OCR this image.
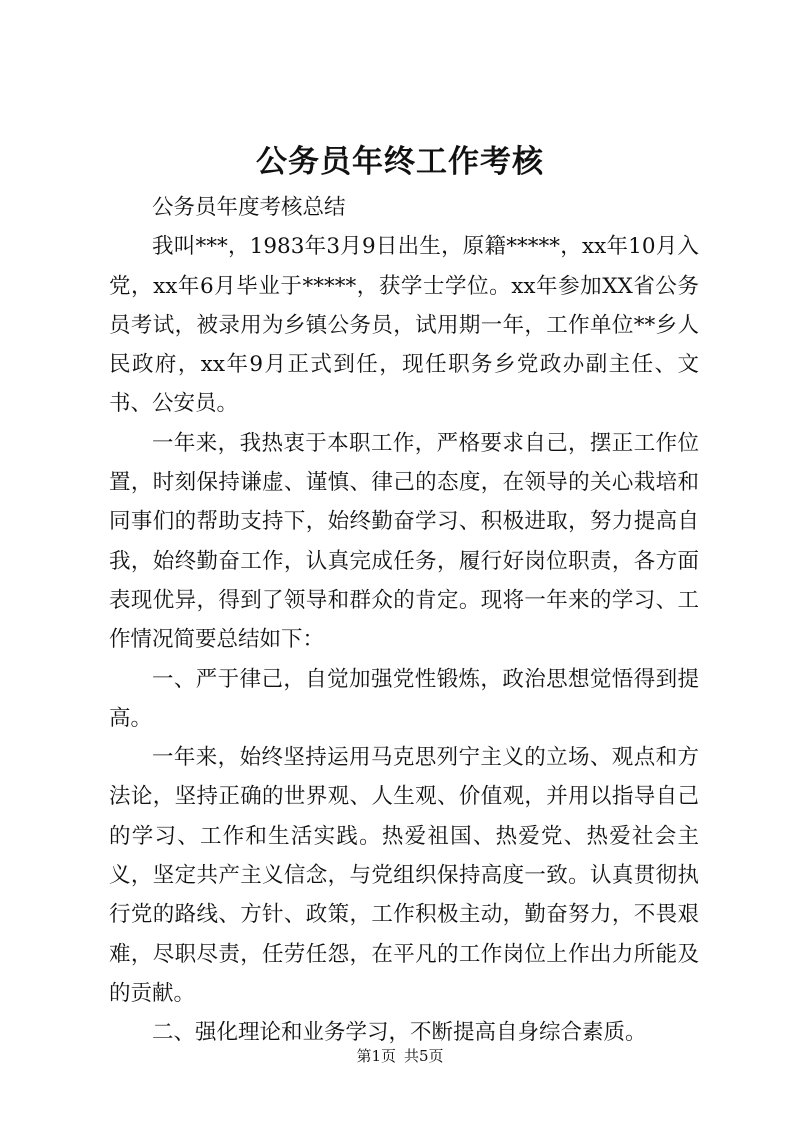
公务员年终工作考核

公务员年度考核总结

我叫***，1983年3月9日出生，原籍*****，xx年10月入党，xx年6月毕业于*****，获学士学位。xx年参加XX省公务员考试，被录用为乡镇公务员，试用期一年，工作单位**乡人民政府，xx年9月正式到任，现任职务乡党政办副主任、文书、公安员。

一年来，我热衷于本职工作，严格要求自己，摆正工作位置，时刻保持谦虚、谨慎、律己的态度，在领导的关心栽培和同事们的帮助支持下，始终勤奋学习、积极进取，努力提高自我，始终勤奋工作，认真完成任务，履行好岗位职责，各方面表现优异，得到了领导和群众的肯定。现将一年来的学习、工作情况简要总结如下：

一、严于律己，自觉加强党性锻炼，政治思想觉悟得到提高。

一年来，始终坚持运用马克思列宁主义的立场、观点和方法论，坚持正确的世界观、人生观、价值观，并用以指导自己的学习、工作和生活实践。热爱祖国、热爱党、热爱社会主义，坚定共产主义信念，与党组织保持高度一致。认真贯彻执行党的路线、方针、政策，工作积极主动，勤奋努力，不畏艰难，尽职尽责，任劳任怨，在平凡的工作岗位上作出力所能及的贡献。

二、强化理论和业务学习，不断提高自身综合素质。

第1页 共5页
